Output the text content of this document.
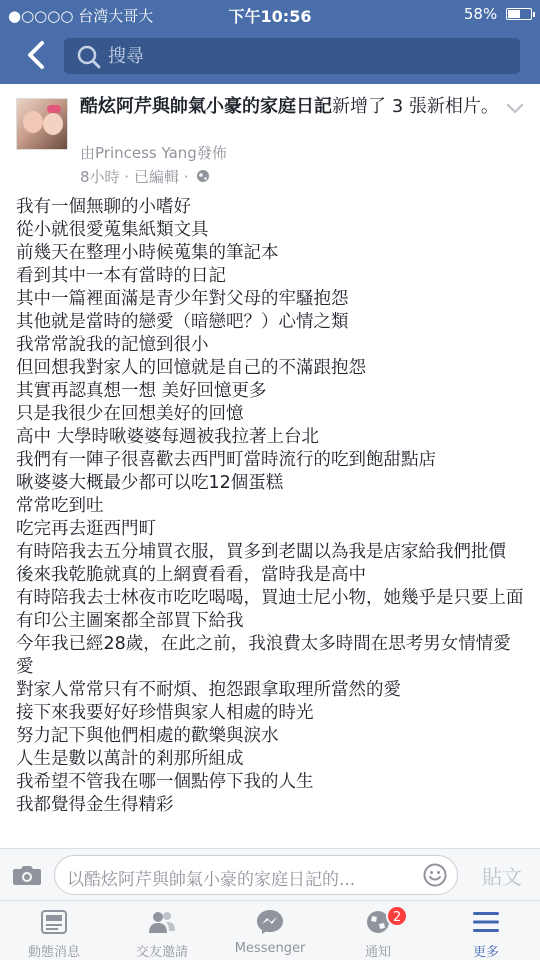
●○○○○ 台湾大哥大	下午10:56	58%
搜尋
酷炫阿芹與帥氣小豪的家庭日記新增了 3 張新相片。
由Princess Yang發佈
8小時 · 已編輯 ·
我有一個無聊的小嗜好
從小就很愛蒐集紙類文具
前幾天在整理小時候蒐集的筆記本
看到其中一本有當時的日記
其中一篇裡面滿是青少年對父母的牢騷抱怨
其他就是當時的戀愛（暗戀吧？）心情之類
我常常說我的記憶到很小
但回想我對家人的回憶就是自己的不滿跟抱怨
其實再認真想一想 美好回憶更多
只是我很少在回想美好的回憶
高中 大學時啾婆婆每週被我拉著上台北
我們有一陣子很喜歡去西門町當時流行的吃到飽甜點店
啾婆婆大概最少都可以吃12個蛋糕
常常吃到吐
吃完再去逛西門町
有時陪我去五分埔買衣服，買多到老闆以為我是店家給我們批價
後來我乾脆就真的上網賣看看，當時我是高中
有時陪我去士林夜市吃吃喝喝，買迪士尼小物，她幾乎是只要上面有印公主圖案都全部買下給我
今年我已經28歲，在此之前，我浪費太多時間在思考男女情情愛愛
對家人常常只有不耐煩、抱怨跟拿取理所當然的愛
接下來我要好好珍惜與家人相處的時光
努力記下與他們相處的歡樂與淚水
人生是數以萬計的剎那所組成
我希望不管我在哪一個點停下我的人生
我都覺得金生得精彩
以酷炫阿芹與帥氣小豪的家庭日記的...	貼文
動態消息	交友邀請	Messenger
2
通知	更多
